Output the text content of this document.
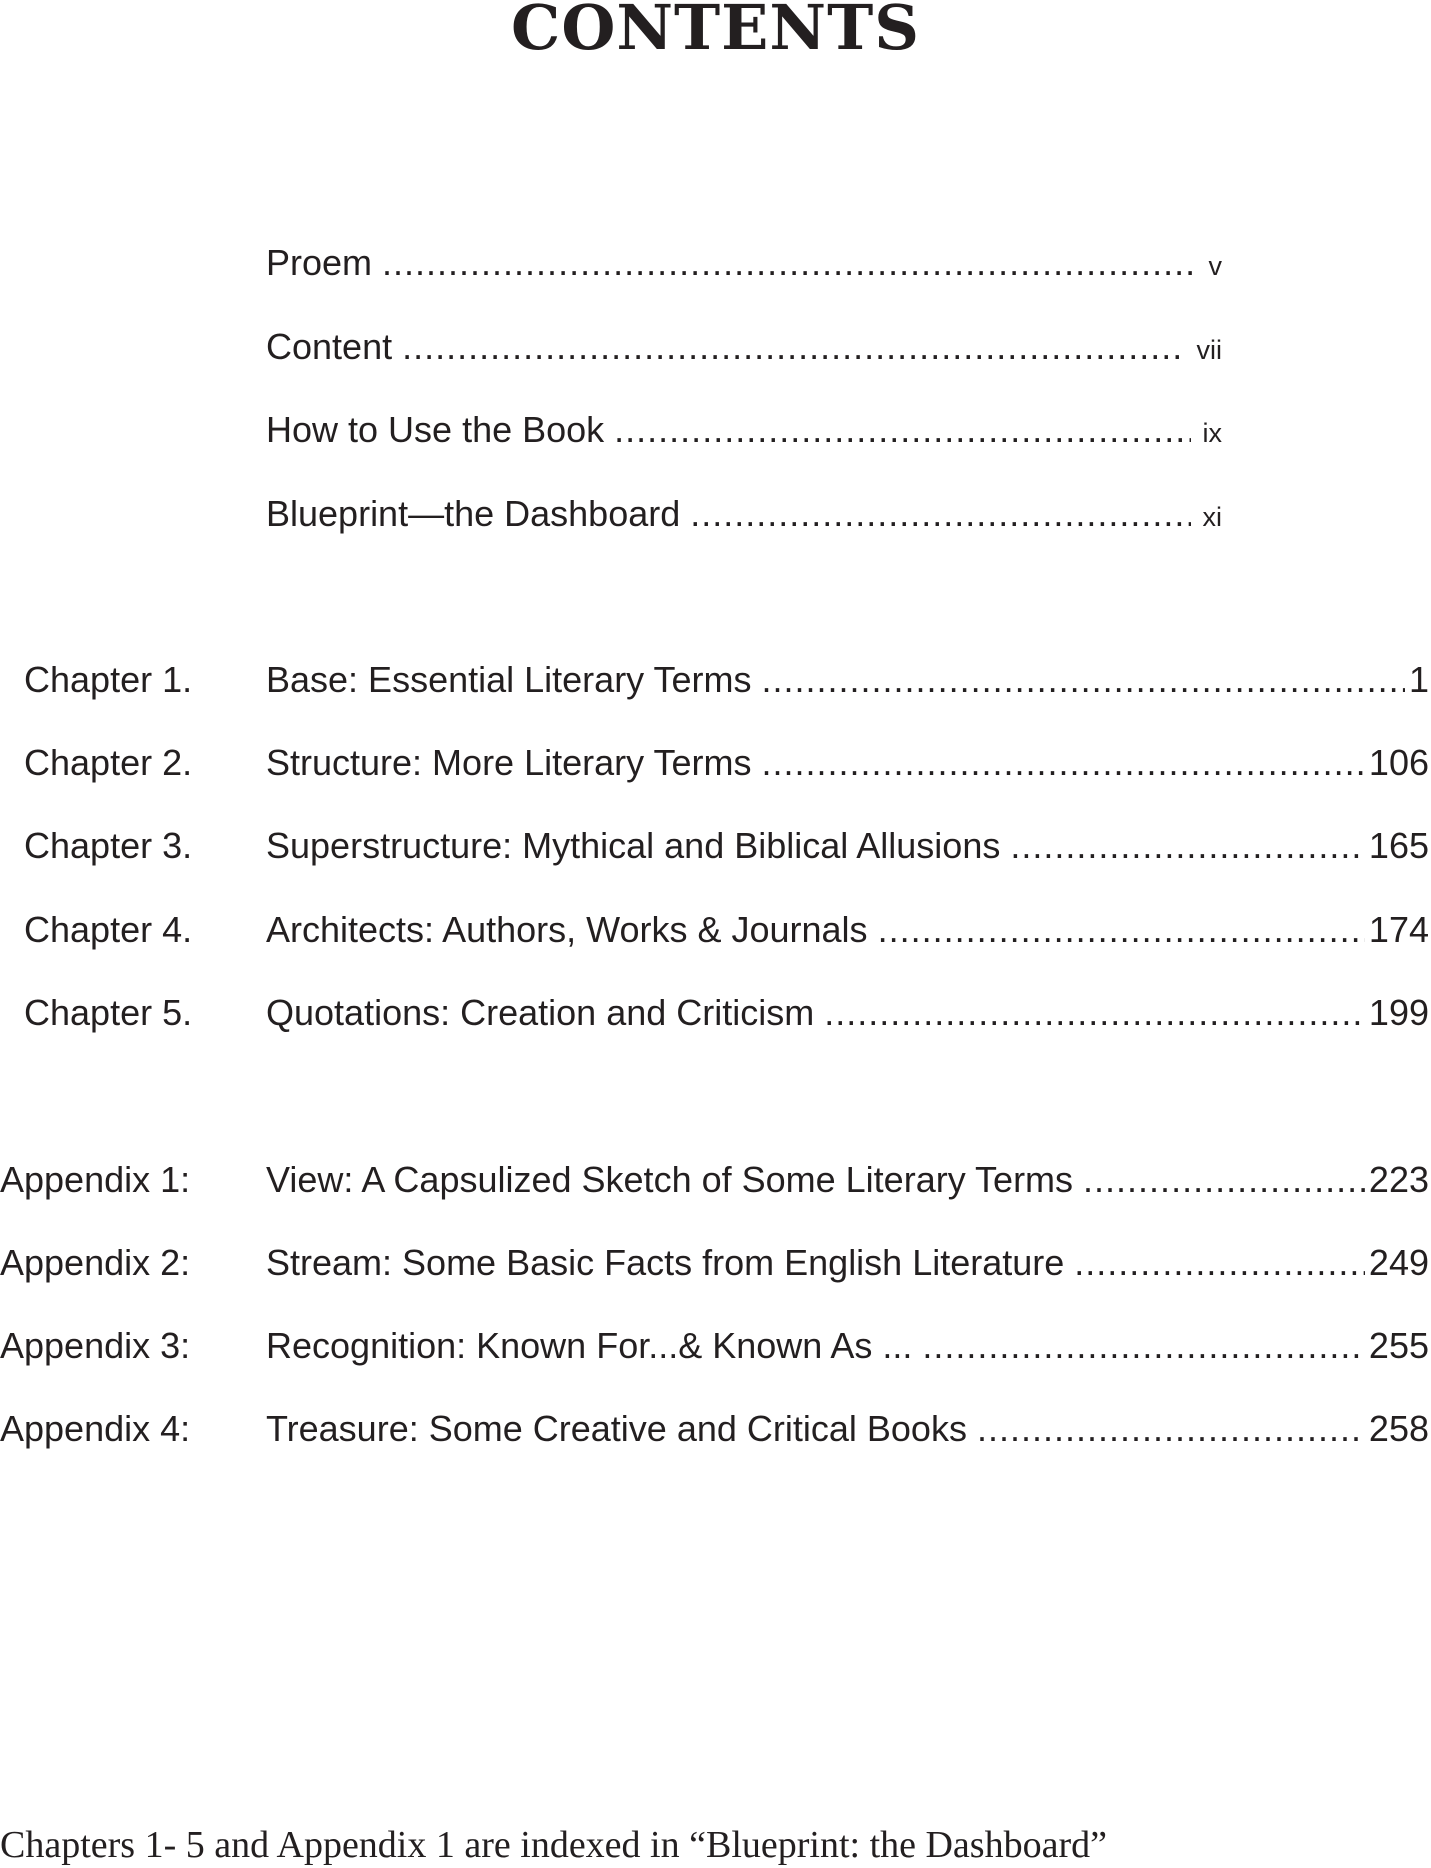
CONTENTS
Proem .....	v
Content .....	vii
How to Use the Book .....	ix
Blueprint—the Dashboard .....	xi
Chapter 1. Base: Essential Literary Terms .....	1
Chapter 2. Structure: More Literary Terms .....	106
Chapter 3. Superstructure: Mythical and Biblical Allusions .....	165
Chapter 4. Architects: Authors, Works & Journals .....	174
Chapter 5. Quotations: Creation and Criticism .....	199
Appendix 1: View: A Capsulized Sketch of Some Literary Terms .....	223
Appendix 2: Stream: Some Basic Facts from English Literature .....	249
Appendix 3: Recognition: Known For...& Known As ... .....	255
Appendix 4: Treasure: Some Creative and Critical Books .....	258
Chapters 1- 5 and Appendix 1 are indexed in “Blueprint: the Dashboard”
